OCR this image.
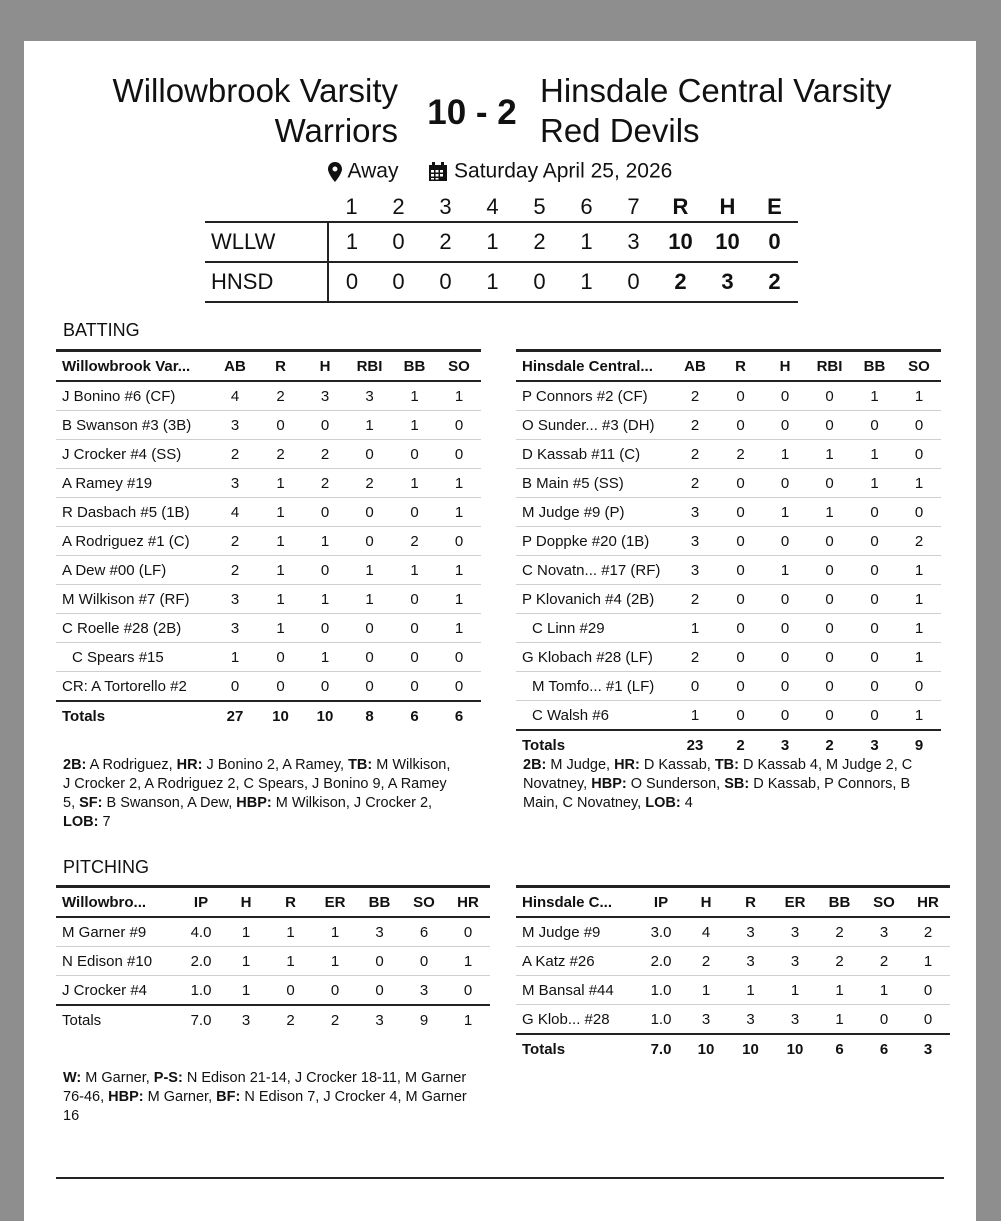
Willowbrook Varsity
Warriors 10 - 2
Hinsdale Central Varsity
Red Devils
Away	Saturday April 25, 2026
	1	2	3	4	5	6	7	R	H	E
WLLW	1	0	2	1	2	1	3	10	10	0
HNSD	0	0	0	1	0	1	0	2	3	2
BATTING
Willowbrook Var...	AB	R	H	RBI	BB	SO
J Bonino #6 (CF)	4	2	3	3	1	1
B Swanson #3 (3B)	3	0	0	1	1	0
J Crocker #4 (SS)	2	2	2	0	0	0
A Ramey #19	3	1	2	2	1	1
R Dasbach #5 (1B)	4	1	0	0	0	1
A Rodriguez #1 (C)	2	1	1	0	2	0
A Dew #00 (LF)	2	1	0	1	1	1
M Wilkison #7 (RF)	3	1	1	1	0	1
C Roelle #28 (2B)	3	1	0	0	0	1
C Spears #15	1	0	1	0	0	0
CR: A Tortorello #2	0	0	0	0	0	0
Totals	27	10	10	8	6	6
Hinsdale Central...	AB	R	H	RBI	BB	SO
P Connors #2 (CF)	2	0	0	0	1	1
O Sunder... #3 (DH)	2	0	0	0	0	0
D Kassab #11 (C)	2	2	1	1	1	0
B Main #5 (SS)	2	0	0	0	1	1
M Judge #9 (P)	3	0	1	1	0	0
P Doppke #20 (1B)	3	0	0	0	0	2
C Novatn... #17 (RF)	3	0	1	0	0	1
P Klovanich #4 (2B)	2	0	0	0	0	1
C Linn #29	1	0	0	0	0	1
G Klobach #28 (LF)	2	0	0	0	0	1
M Tomfo... #1 (LF)	0	0	0	0	0	0
C Walsh #6	1	0	0	0	0	1
Totals	23	2	3	2	3	9
2B: A Rodriguez, HR: J Bonino 2, A Ramey, TB: M Wilkison, J Crocker 2, A Rodriguez 2, C Spears, J Bonino 9, A Ramey 5, SF: B Swanson, A Dew, HBP: M Wilkison, J Crocker 2, LOB: 7
2B: M Judge, HR: D Kassab, TB: D Kassab 4, M Judge 2, C Novatney, HBP: O Sunderson, SB: D Kassab, P Connors, B Main, C Novatney, LOB: 4
PITCHING
Willowbro...	IP	H	R	ER	BB	SO	HR
M Garner #9	4.0	1	1	1	3	6	0
N Edison #10	2.0	1	1	1	0	0	1
J Crocker #4	1.0	1	0	0	0	3	0
Totals	7.0	3	2	2	3	9	1
Hinsdale C...	IP	H	R	ER	BB	SO	HR
M Judge #9	3.0	4	3	3	2	3	2
A Katz #26	2.0	2	3	3	2	2	1
M Bansal #44	1.0	1	1	1	1	1	0
G Klob... #28	1.0	3	3	3	1	0	0
Totals	7.0	10	10	10	6	6	3
W: M Garner, P-S: N Edison 21-14, J Crocker 18-11, M Garner 76-46, HBP: M Garner, BF: N Edison 7, J Crocker 4, M Garner 16
